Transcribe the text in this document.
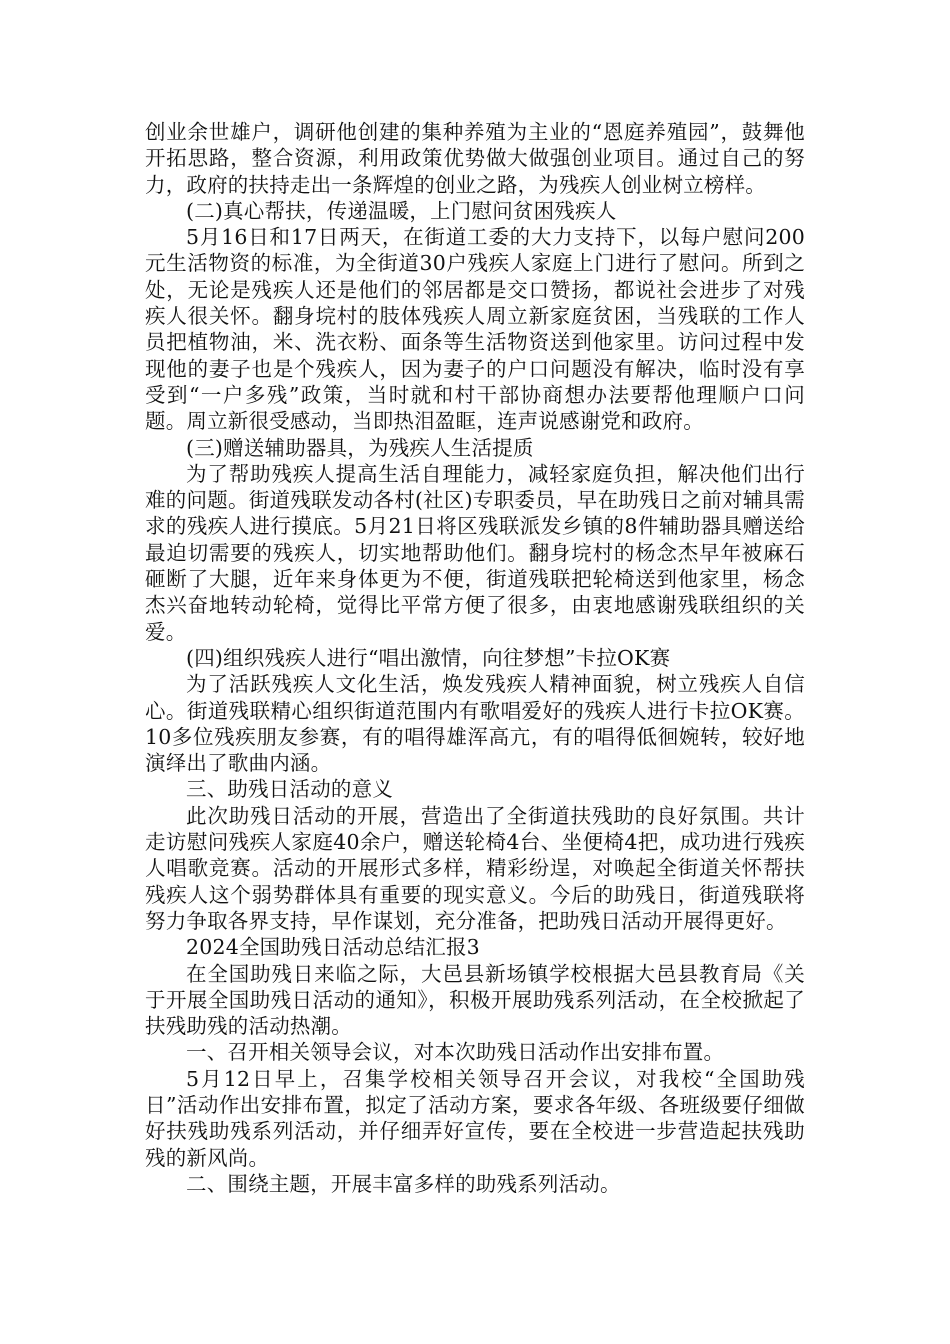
创业余世雄户，调研他创建的集种养殖为主业的“恩庭养殖园”，鼓舞他开拓思路，整合资源，利用政策优势做大做强创业项目。通过自己的努力，政府的扶持走出一条辉煌的创业之路，为残疾人创业树立榜样。

(二)真心帮扶，传递温暖，上门慰问贫困残疾人

5月16日和17日两天，在街道工委的大力支持下，以每户慰问200元生活物资的标准，为全街道30户残疾人家庭上门进行了慰问。所到之处，无论是残疾人还是他们的邻居都是交口赞扬，都说社会进步了对残疾人很关怀。翻身垸村的肢体残疾人周立新家庭贫困，当残联的工作人员把植物油，米、洗衣粉、面条等生活物资送到他家里。访问过程中发现他的妻子也是个残疾人，因为妻子的户口问题没有解决，临时没有享受到“一户多残”政策，当时就和村干部协商想办法要帮他理顺户口问题。周立新很受感动，当即热泪盈眶，连声说感谢党和政府。

(三)赠送辅助器具，为残疾人生活提质

为了帮助残疾人提高生活自理能力，减轻家庭负担，解决他们出行难的问题。街道残联发动各村(社区)专职委员，早在助残日之前对辅具需求的残疾人进行摸底。5月21日将区残联派发乡镇的8件辅助器具赠送给最迫切需要的残疾人，切实地帮助他们。翻身垸村的杨念杰早年被麻石砸断了大腿，近年来身体更为不便，街道残联把轮椅送到他家里，杨念杰兴奋地转动轮椅，觉得比平常方便了很多，由衷地感谢残联组织的关爱。

(四)组织残疾人进行“唱出激情，向往梦想”卡拉OK赛

为了活跃残疾人文化生活，焕发残疾人精神面貌，树立残疾人自信心。街道残联精心组织街道范围内有歌唱爱好的残疾人进行卡拉OK赛。10多位残疾朋友参赛，有的唱得雄浑高亢，有的唱得低徊婉转，较好地演绎出了歌曲内涵。

三、助残日活动的意义

此次助残日活动的开展，营造出了全街道扶残助的良好氛围。共计走访慰问残疾人家庭40余户，赠送轮椅4台、坐便椅4把，成功进行残疾人唱歌竞赛。活动的开展形式多样，精彩纷逞，对唤起全街道关怀帮扶残疾人这个弱势群体具有重要的现实意义。今后的助残日，街道残联将努力争取各界支持，早作谋划，充分准备，把助残日活动开展得更好。

2024全国助残日活动总结汇报3

在全国助残日来临之际，大邑县新场镇学校根据大邑县教育局《关于开展全国助残日活动的通知》，积极开展助残系列活动，在全校掀起了扶残助残的活动热潮。

一、召开相关领导会议，对本次助残日活动作出安排布置。

5月12日早上，召集学校相关领导召开会议，对我校“全国助残日”活动作出安排布置，拟定了活动方案，要求各年级、各班级要仔细做好扶残助残系列活动，并仔细弄好宣传，要在全校进一步营造起扶残助残的新风尚。

二、围绕主题，开展丰富多样的助残系列活动。
